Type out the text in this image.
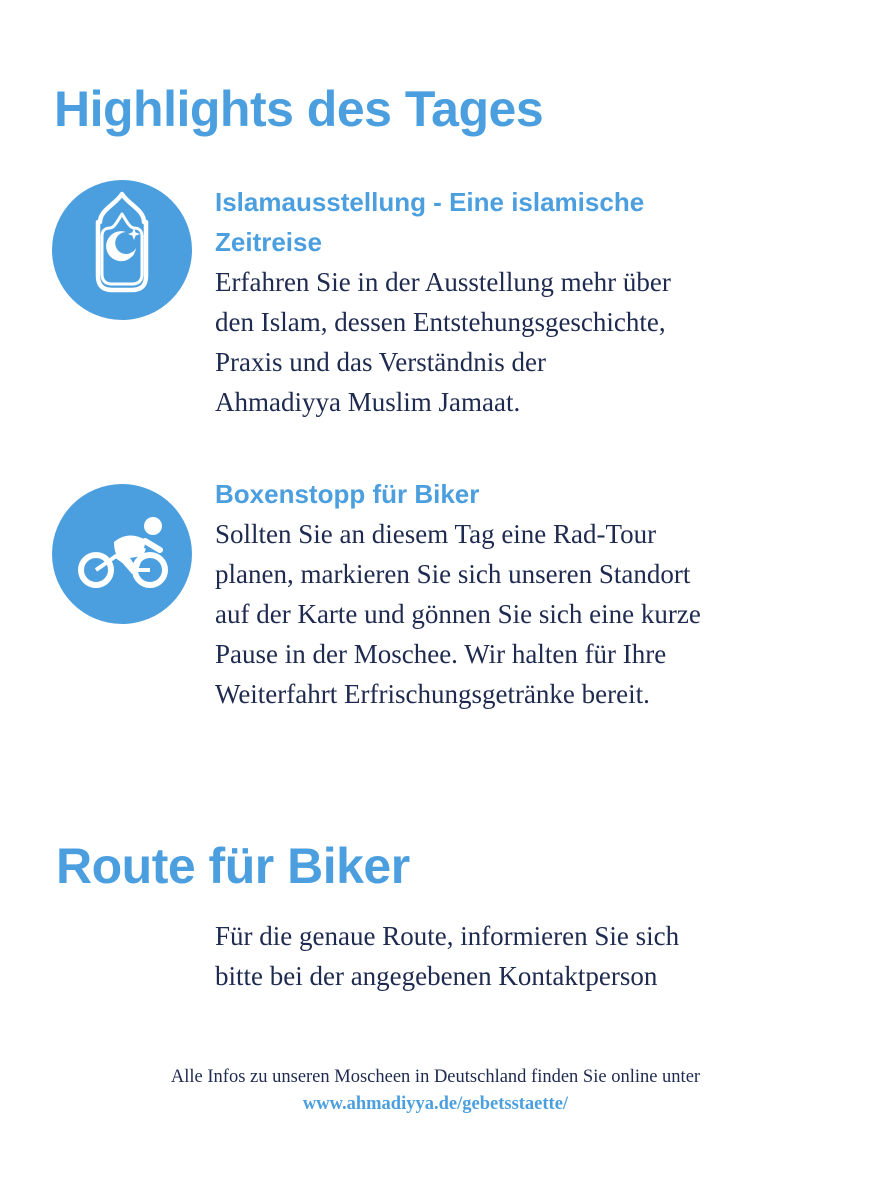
Highlights des Tages
Islamausstellung - Eine islamische
Zeitreise
Erfahren Sie in der Ausstellung mehr über
den Islam, dessen Entstehungsgeschichte,
Praxis und das Verständnis der
Ahmadiyya Muslim Jamaat.
Boxenstopp für Biker
Sollten Sie an diesem Tag eine Rad-Tour
planen, markieren Sie sich unseren Standort
auf der Karte und gönnen Sie sich eine kurze
Pause in der Moschee. Wir halten für Ihre
Weiterfahrt Erfrischungsgetränke bereit.
Route für Biker
Für die genaue Route, informieren Sie sich
bitte bei der angegebenen Kontaktperson
Alle Infos zu unseren Moscheen in Deutschland finden Sie online unter
www.ahmadiyya.de/gebetsstaette/
